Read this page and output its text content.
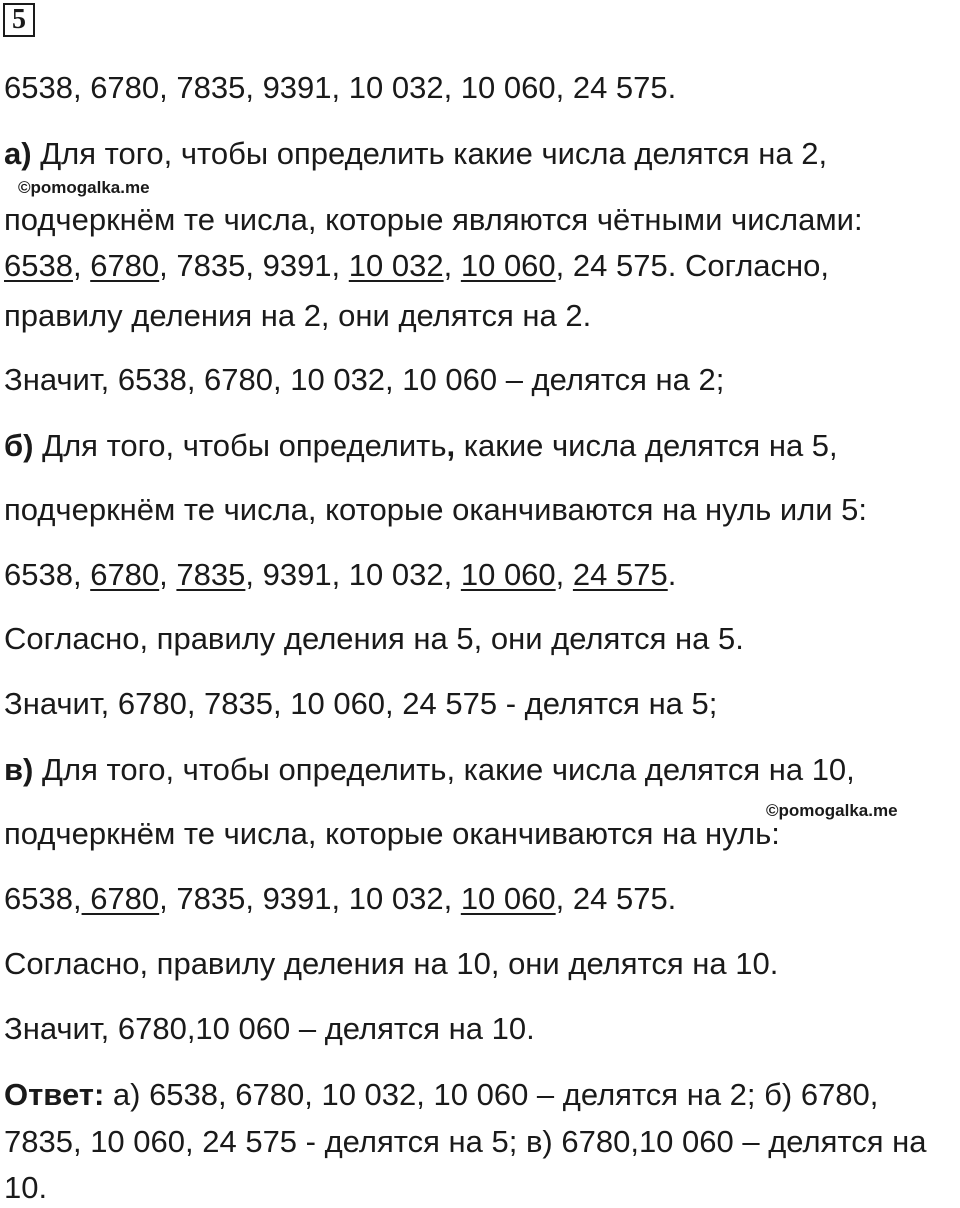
5

6538, 6780, 7835, 9391, 10 032, 10 060, 24 575.

а) Для того, чтобы определить какие числа делятся на 2,

©pomogalka.me

подчеркнём те числа, которые являются чётными числами:

6538, 6780, 7835, 9391, 10 032, 10 060, 24 575. Согласно,

правилу деления на 2, они делятся на 2.

Значит, 6538, 6780, 10 032, 10 060 – делятся на 2;

б) Для того, чтобы определить, какие числа делятся на 5,

подчеркнём те числа, которые оканчиваются на нуль или 5:

6538, 6780, 7835, 9391, 10 032, 10 060, 24 575.

Согласно, правилу деления на 5, они делятся на 5.

Значит, 6780, 7835, 10 060, 24 575 - делятся на 5;

в) Для того, чтобы определить, какие числа делятся на 10,

©pomogalka.me

подчеркнём те числа, которые оканчиваются на нуль:

6538, 6780, 7835, 9391, 10 032, 10 060, 24 575.

Согласно, правилу деления на 10, они делятся на 10.

Значит, 6780,10 060 – делятся на 10.

Ответ: а) 6538, 6780, 10 032, 10 060 – делятся на 2; б) 6780,

7835, 10 060, 24 575 - делятся на 5; в) 6780,10 060 – делятся на

10.
